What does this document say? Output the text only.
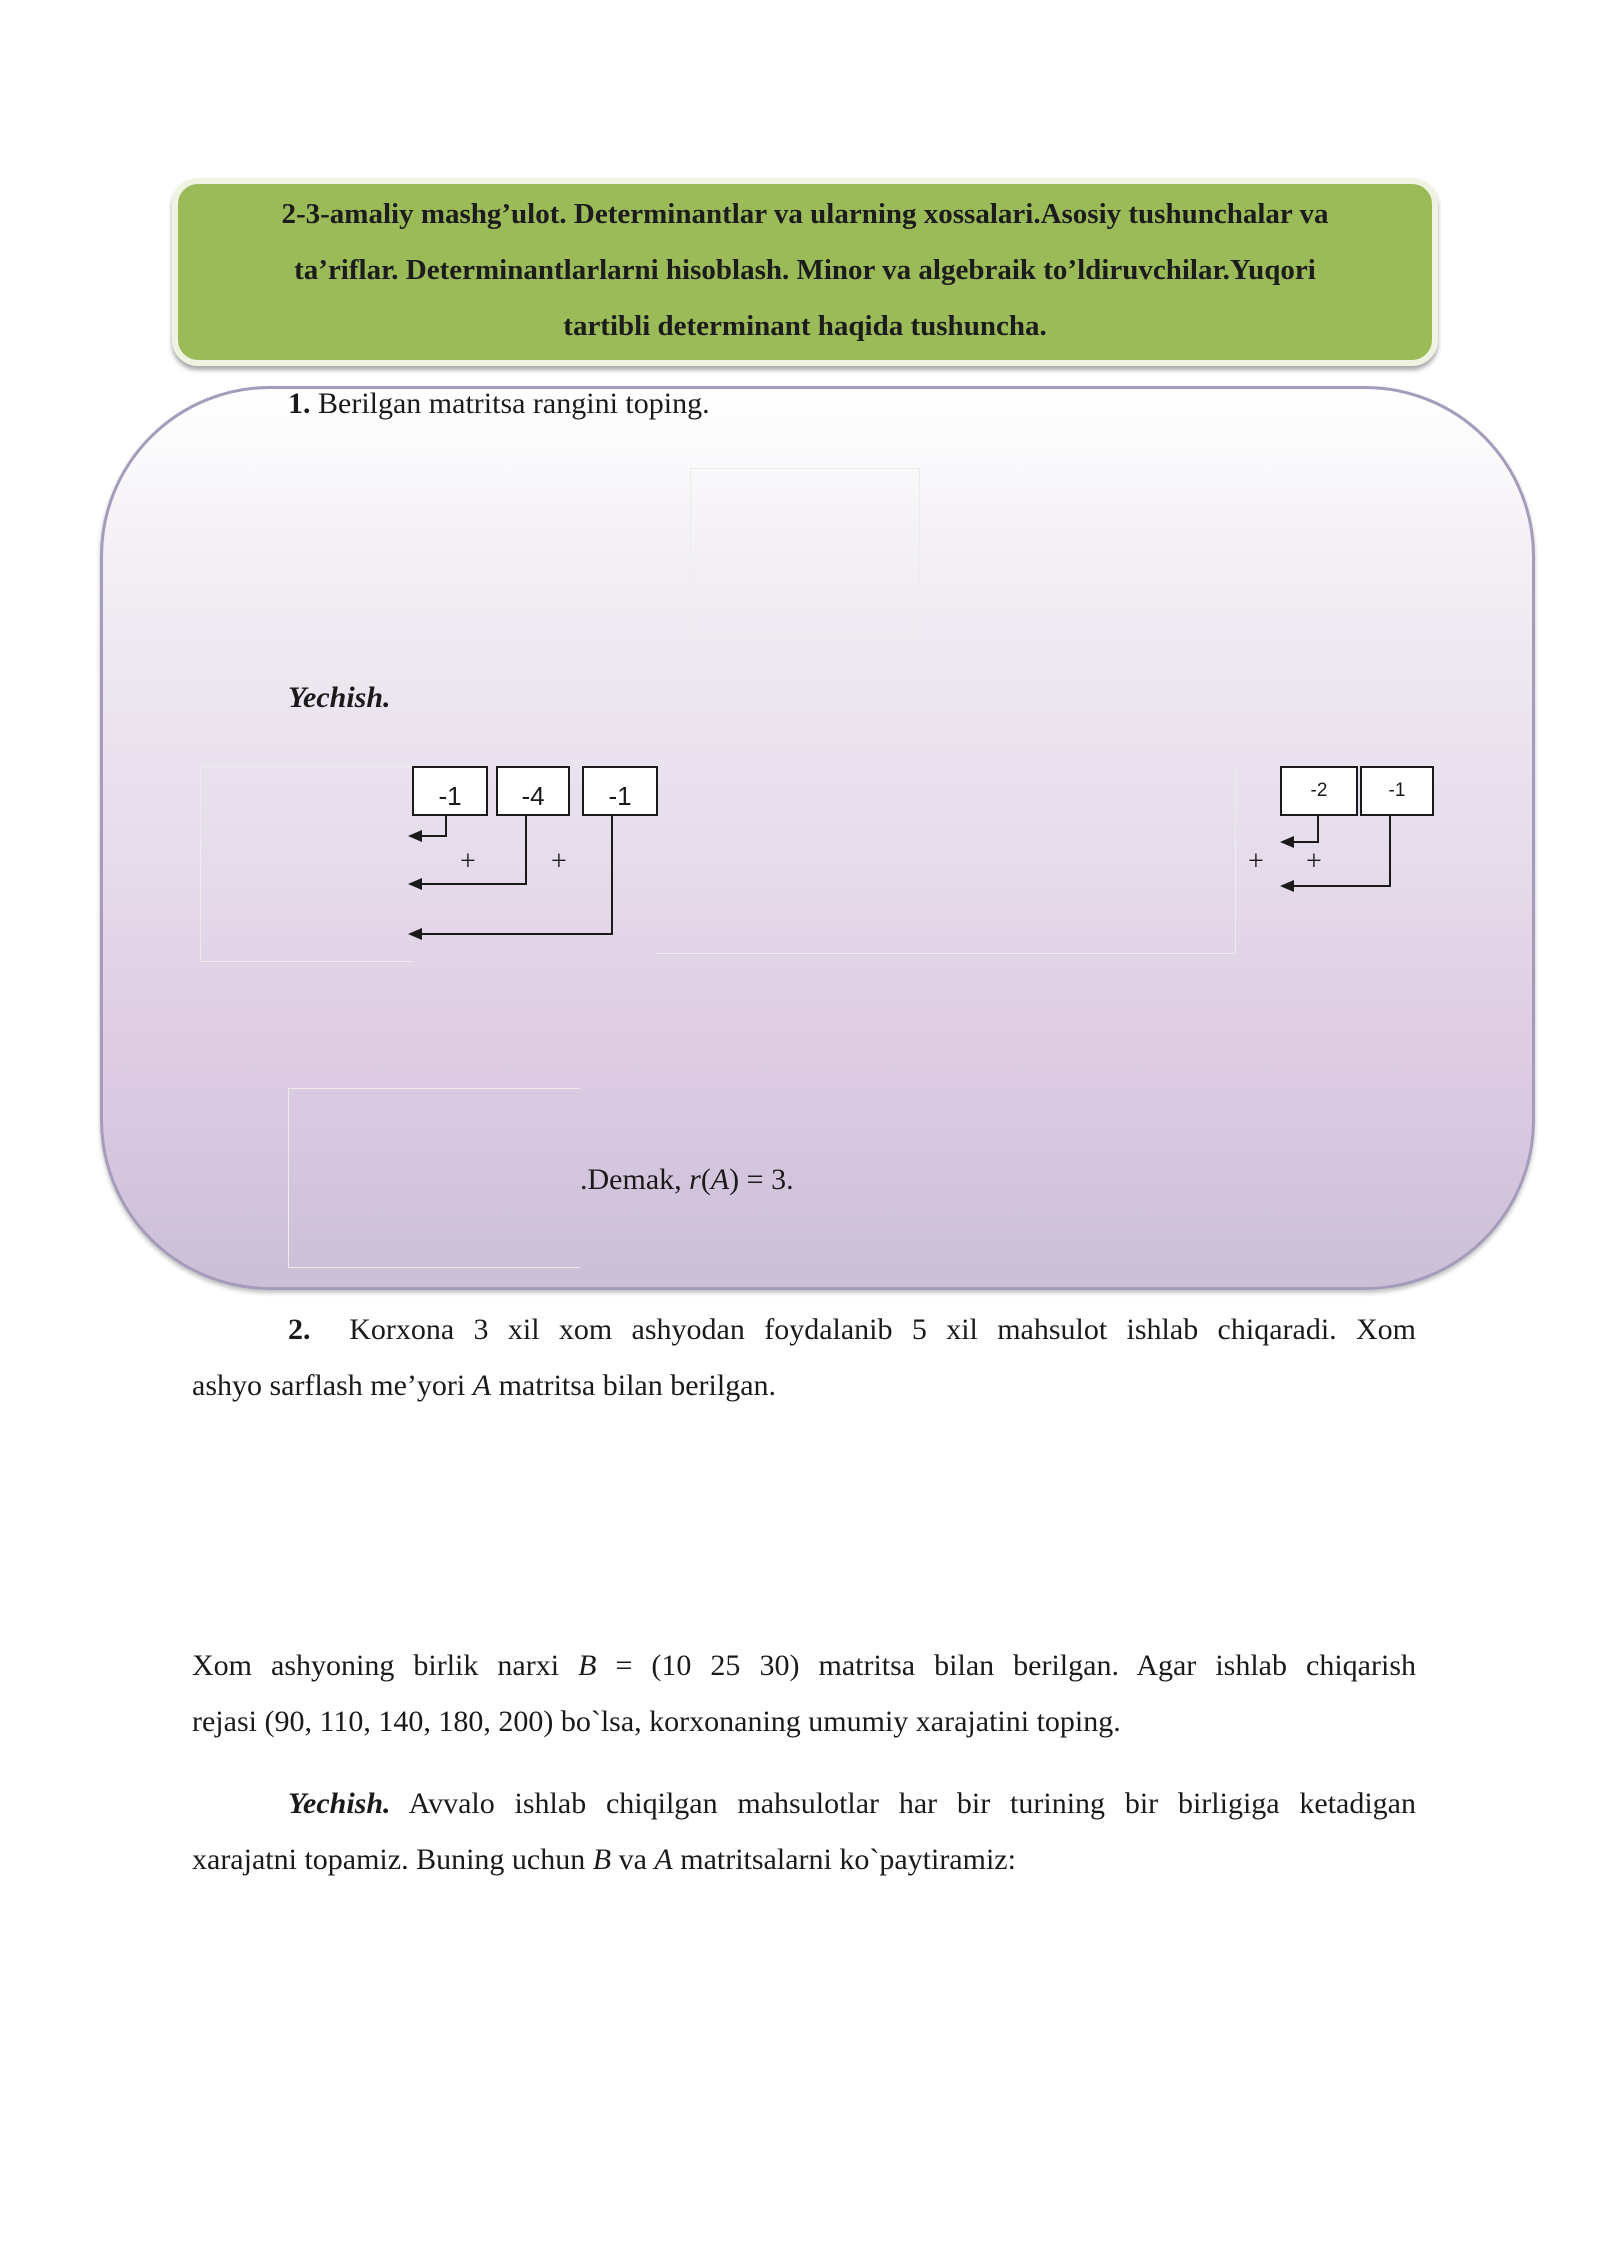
2-3-amaliy mashg’ulot. Determinantlar va ularning xossalari.Asosiy tushunchalar va
ta’riflar. Determinantlarlarni hisoblash. Minor va algebraik to’ldiruvchilar.Yuqori
tartibli determinant haqida tushuncha.
1. Berilgan matritsa rangini toping.
Yechish.
-1	-4	-1
+	+
-2	-1
+ +
.Demak, r(A) = 3.
2. Korxona 3 xil xom ashyodan foydalanib 5 xil mahsulot ishlab chiqaradi. Xom
ashyo sarflash me’yori A matritsa bilan berilgan.
Xom ashyoning birlik narxi B = (10 25 30) matritsa bilan berilgan. Agar ishlab chiqarish
rejasi (90, 110, 140, 180, 200) bo`lsa, korxonaning umumiy xarajatini toping.
Yechish. Avvalo ishlab chiqilgan mahsulotlar har bir turining bir birligiga ketadigan
xarajatni topamiz. Buning uchun B va A matritsalarni ko`paytiramiz:
